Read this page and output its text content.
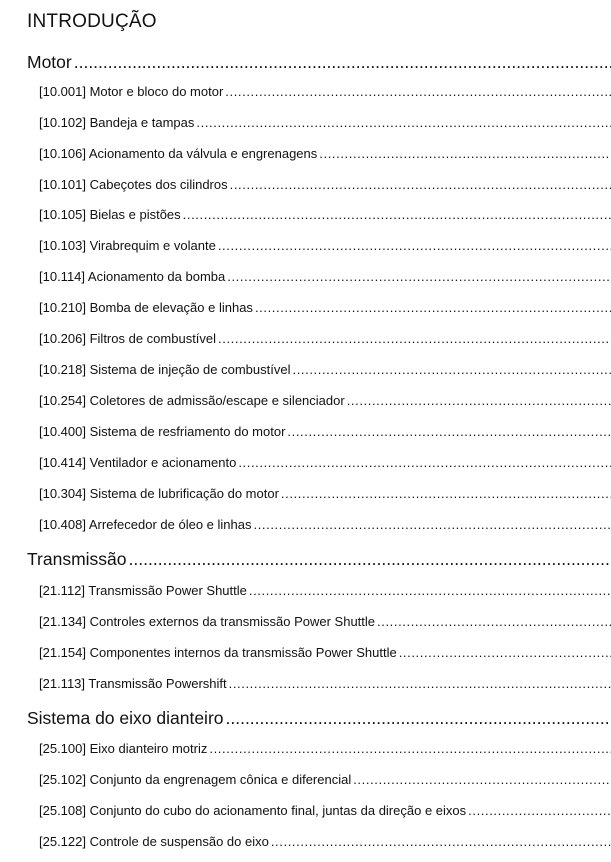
INTRODUÇÃO
Motor
.....
[10.001] Motor e bloco do motor
.....
[10.102] Bandeja e tampas
.....
[10.106] Acionamento da válvula e engrenagens
.....
[10.101] Cabeçotes dos cilindros
.....
[10.105] Bielas e pistões
.....
[10.103] Virabrequim e volante
.....
[10.114] Acionamento da bomba
.....
[10.210] Bomba de elevação e linhas
.....
[10.206] Filtros de combustível
.....
[10.218] Sistema de injeção de combustível
.....
[10.254] Coletores de admissão/escape e silenciador
.....
[10.400] Sistema de resfriamento do motor
.....
[10.414] Ventilador e acionamento
.....
[10.304] Sistema de lubrificação do motor
.....
[10.408] Arrefecedor de óleo e linhas
.....
Transmissão
.....
[21.112] Transmissão Power Shuttle
.....
[21.134] Controles externos da transmissão Power Shuttle
.....
[21.154] Componentes internos da transmissão Power Shuttle
.....
[21.113] Transmissão Powershift
.....
Sistema do eixo dianteiro
.....
[25.100] Eixo dianteiro motriz
.....
[25.102] Conjunto da engrenagem cônica e diferencial
.....
[25.108] Conjunto do cubo do acionamento final, juntas da direção e eixos
.....
[25.122] Controle de suspensão do eixo
.....
